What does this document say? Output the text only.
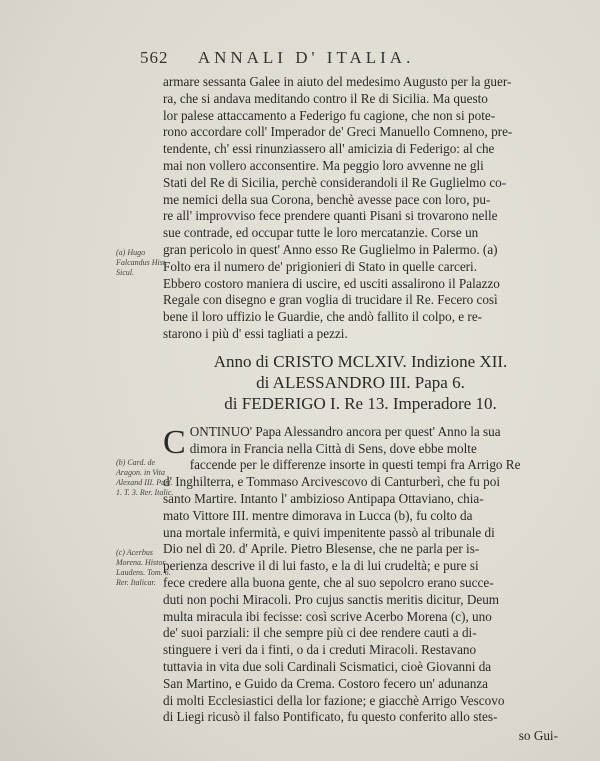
562 ANNALI D' ITALIA.
(a) Hugo Falcandus Hist. Sicul.
(b) Card. de Aragon. in Vita Alexand III. Part. 1. T. 3. Rer. Italic.
(c) Acerbus Morena. Histor Laudens. Tom. 6. Rer. Italicar.
armare sessanta Galee in aiuto del medesimo Augusto per la guer-
ra, che si andava meditando contro il Re di Sicilia. Ma questo
lor palese attaccamento a Federigo fu cagione, che non si pote-
rono accordare coll' Imperador de' Greci Manuello Comneno, pre-
tendente, ch' essi rinunziassero all' amicizia di Federigo: al che
mai non vollero acconsentire. Ma peggio loro avvenne ne gli
Stati del Re di Sicilia, perchè considerandoli il Re Guglielmo co-
me nemici della sua Corona, benchè avesse pace con loro, pu-
re all' improvviso fece prendere quanti Pisani si trovarono nelle
sue contrade, ed occupar tutte le loro mercatanzie. Corse un
gran pericolo in quest' Anno esso Re Guglielmo in Palermo. (a)
Folto era il numero de' prigionieri di Stato in quelle carceri.
Ebbero costoro maniera di uscire, ed usciti assalirono il Palazzo
Regale con disegno e gran voglia di trucidare il Re. Fecero così
bene il loro uffizio le Guardie, che andò fallito il colpo, e re-
starono i più d' essi tagliati a pezzi.
Anno di CRISTO MCLXIV. Indizione XII.
di ALESSANDRO III. Papa 6.
di FEDERIGO I. Re 13. Imperadore 10.
C ONTINUO' Papa Alessandro ancora per quest' Anno la sua
dimora in Francia nella Città di Sens, dove ebbe molte
faccende per le differenze insorte in questi tempi fra Arrigo Re
d' Inghilterra, e Tommaso Arcivescovo di Canturberì, che fu poi
santo Martire. Intanto l' ambizioso Antipapa Ottaviano, chia-
mato Vittore III. mentre dimorava in Lucca (b), fu colto da
una mortale infermità, e quivi impenitente passò al tribunale di
Dio nel dì 20. d' Aprile. Pietro Blesense, che ne parla per is-
perienza descrive il di lui fasto, e la di lui crudeltà; e pure si
fece credere alla buona gente, che al suo sepolcro erano succe-
duti non pochi Miracoli. Pro cujus sanctis meritis dicitur, Deum
multa miracula ibi fecisse: così scrive Acerbo Morena (c), uno
de' suoi parziali: il che sempre più ci dee rendere cauti a di-
stinguere i veri da i finti, o da i creduti Miracoli. Restavano
tuttavia in vita due soli Cardinali Scismatici, cioè Giovanni da
San Martino, e Guido da Crema. Costoro fecero un' adunanza
di molti Ecclesiastici della lor fazione; e giacchè Arrigo Vescovo
di Liegi ricusò il falso Pontificato, fu questo conferito allo stes-
so Gui-
